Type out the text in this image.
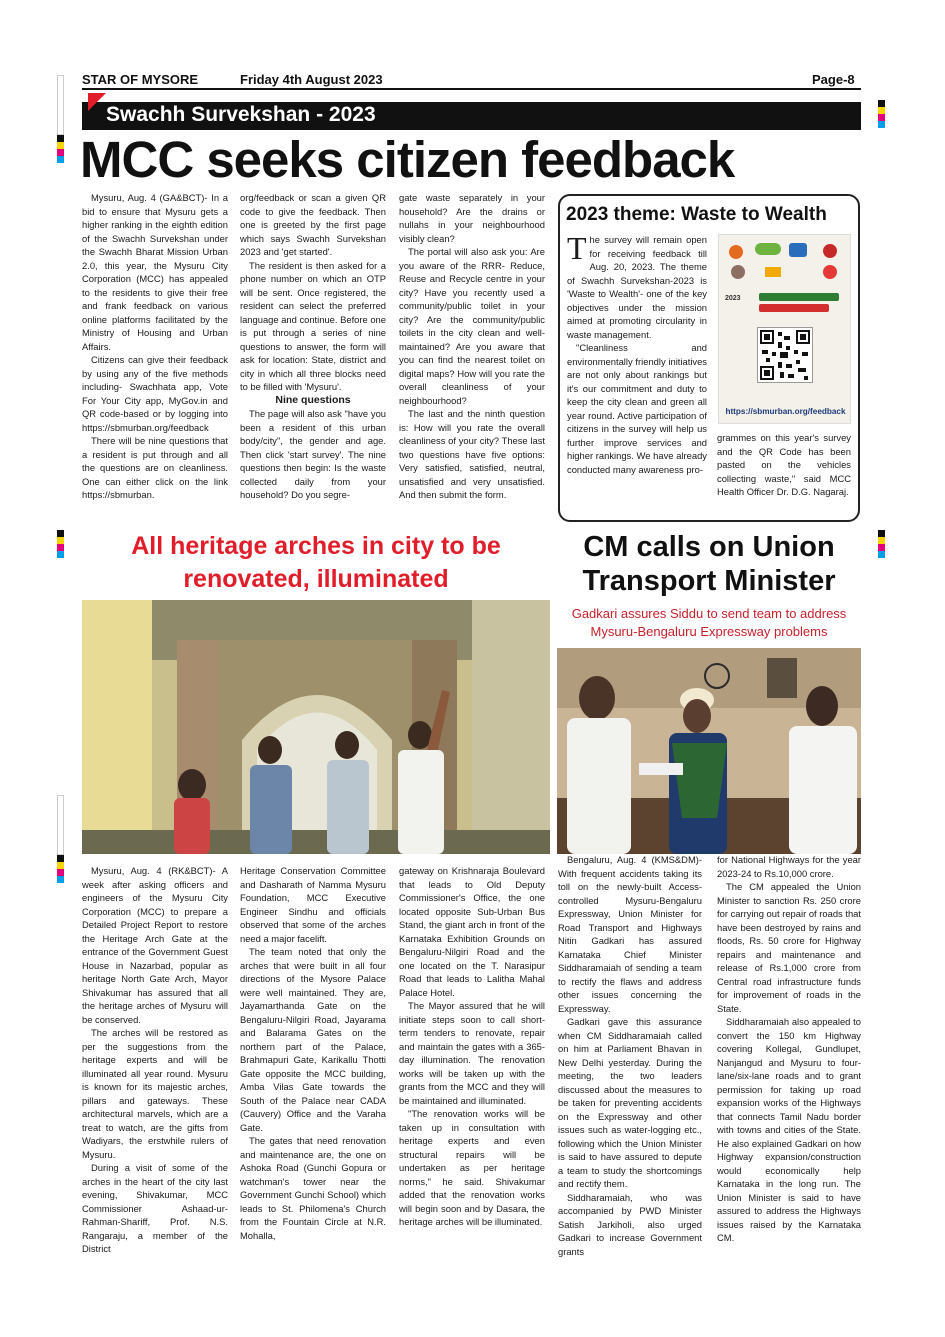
STAR OF MYSORE	Friday 4th August 2023	Page-8
Swachh Survekshan - 2023
MCC seeks citizen feedback

Mysuru, Aug. 4 (GA&BCT)- In a bid to ensure that Mysuru gets a higher ranking in the eighth edition of the Swachh Survekshan under the Swachh Bharat Mission Urban 2.0, this year, the Mysuru City Corporation (MCC) has appealed to the residents to give their free and frank feedback on various online platforms facilitated by the Ministry of Housing and Urban Affairs.

Citizens can give their feedback by using any of the five methods including- Swachhata app, Vote For Your City app, MyGov.in and QR code-based or by logging into https://sbmurban.org/feedback

There will be nine questions that a resident is put through and all the questions are on cleanliness. One can either click on the link https://sbmurban.

org/feedback or scan a given QR code to give the feedback. Then one is greeted by the first page which says Swachh Survekshan 2023 and 'get started'.

The resident is then asked for a phone number on which an OTP will be sent. Once registered, the resident can select the preferred language and continue. Before one is put through a series of nine questions to answer, the form will ask for location: State, district and city in which all three blocks need to be filled with 'Mysuru'.

Nine questions

The page will also ask "have you been a resident of this urban body/city", the gender and age. Then click 'start survey'. The nine questions then begin: Is the waste collected daily from your household? Do you segre-

gate waste separately in your household? Are the drains or nullahs in your neighbourhood visibly clean?

The portal will also ask you: Are you aware of the RRR- Reduce, Reuse and Recycle centre in your city? Have you recently used a community/public toilet in your city? Are the community/public toilets in the city clean and well-maintained? Are you aware that you can find the nearest toilet on digital maps? How will you rate the overall cleanliness of your neighbourhood?

The last and the ninth question is: How will you rate the overall cleanliness of your city? These last two questions have five options: Very satisfied, satisfied, neutral, unsatisfied and very unsatisfied. And then submit the form.

2023 theme: Waste to Wealth

The survey will remain open for receiving feedback till Aug. 20, 2023. The theme of Swachh Survekshan-2023 is 'Waste to Wealth'- one of the key objectives under the mission aimed at promoting circularity in waste management.

"Cleanliness and environmentally friendly initiatives are not only about rankings but it's our commitment and duty to keep the city clean and green all year round. Active participation of citizens in the survey will help us further improve services and higher rankings. We have already conducted many awareness pro-

2023
https://sbmurban.org/feedback

grammes on this year's survey and the QR Code has been pasted on the vehicles collecting waste," said MCC Health Officer Dr. D.G. Nagaraj.

All heritage arches in city to be renovated, illuminated

Mysuru, Aug. 4 (RK&BCT)- A week after asking officers and engineers of the Mysuru City Corporation (MCC) to prepare a Detailed Project Report to restore the Heritage Arch Gate at the entrance of the Government Guest House in Nazarbad, popular as heritage North Gate Arch, Mayor Shivakumar has assured that all the heritage arches of Mysuru will be conserved.

The arches will be restored as per the suggestions from the heritage experts and will be illuminated all year round. Mysuru is known for its majestic arches, pillars and gateways. These architectural marvels, which are a treat to watch, are the gifts from Wadiyars, the erstwhile rulers of Mysuru.

During a visit of some of the arches in the heart of the city last evening, Shivakumar, MCC Commissioner Ashaad-ur-Rahman-Shariff, Prof. N.S. Rangaraju, a member of the District

Heritage Conservation Committee and Dasharath of Namma Mysuru Foundation, MCC Executive Engineer Sindhu and officials observed that some of the arches need a major facelift.

The team noted that only the arches that were built in all four directions of the Mysore Palace were well maintained. They are, Jayamarthanda Gate on the Bengaluru-Nilgiri Road, Jayarama and Balarama Gates on the northern part of the Palace, Brahmapuri Gate, Karikallu Thotti Gate opposite the MCC building, Amba Vilas Gate towards the South of the Palace near CADA (Cauvery) Office and the Varaha Gate.

The gates that need renovation and maintenance are, the one on Ashoka Road (Gunchi Gopura or watchman's tower near the Government Gunchi School) which leads to St. Philomena's Church from the Fountain Circle at N.R. Mohalla,

gateway on Krishnaraja Boulevard that leads to Old Deputy Commissioner's Office, the one located opposite Sub-Urban Bus Stand, the giant arch in front of the Karnataka Exhibition Grounds on Bengaluru-Nilgiri Road and the one located on the T. Narasipur Road that leads to Lalitha Mahal Palace Hotel.

The Mayor assured that he will initiate steps soon to call short-term tenders to renovate, repair and maintain the gates with a 365-day illumination. The renovation works will be taken up with the grants from the MCC and they will be maintained and illuminated.

"The renovation works will be taken up in consultation with heritage experts and even structural repairs will be undertaken as per heritage norms," he said. Shivakumar added that the renovation works will begin soon and by Dasara, the heritage arches will be illuminated.

CM calls on Union Transport Minister
Gadkari assures Siddu to send team to address Mysuru-Bengaluru Expressway problems

Bengaluru, Aug. 4 (KMS&DM)- With frequent accidents taking its toll on the newly-built Access-controlled Mysuru-Bengaluru Expressway, Union Minister for Road Transport and Highways Nitin Gadkari has assured Karnataka Chief Minister Siddharamaiah of sending a team to rectify the flaws and address other issues concerning the Expressway.

Gadkari gave this assurance when CM Siddharamaiah called on him at Parliament Bhavan in New Delhi yesterday. During the meeting, the two leaders discussed about the measures to be taken for preventing accidents on the Expressway and other issues such as water-logging etc., following which the Union Minister is said to have assured to depute a team to study the shortcomings and rectify them.

Siddharamaiah, who was accompanied by PWD Minister Satish Jarkiholi, also urged Gadkari to increase Government grants

for National Highways for the year 2023-24 to Rs.10,000 crore.

The CM appealed the Union Minister to sanction Rs. 250 crore for carrying out repair of roads that have been destroyed by rains and floods, Rs. 50 crore for Highway repairs and maintenance and release of Rs.1,000 crore from Central road infrastructure funds for improvement of roads in the State.

Siddharamaiah also appealed to convert the 150 km Highway covering Kollegal, Gundlupet, Nanjangud and Mysuru to four-lane/six-lane roads and to grant permission for taking up road expansion works of the Highways that connects Tamil Nadu border with towns and cities of the State. He also explained Gadkari on how Highway expansion/construction would economically help Karnataka in the long run. The Union Minister is said to have assured to address the Highways issues raised by the Karnataka CM.
